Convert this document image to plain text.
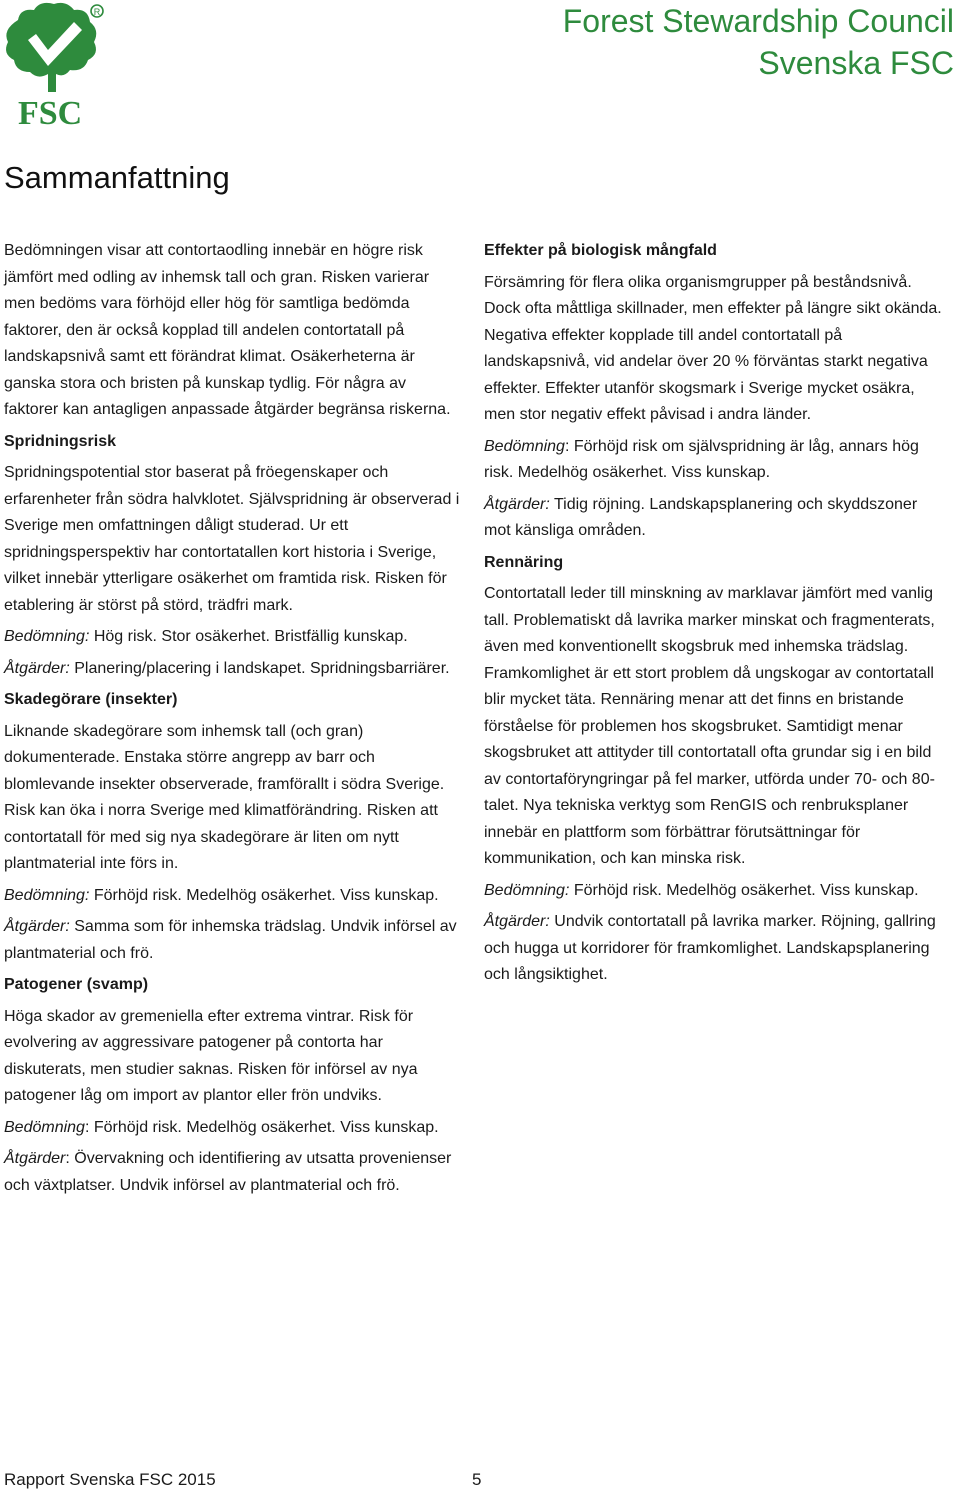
R
FSC
Forest Stewardship Council
Svenska FSC
Sammanfattning

Bedömningen visar att contortaodling innebär en högre risk jämfört med odling av inhemsk tall och gran. Risken varierar men bedöms vara förhöjd eller hög för samtliga bedömda faktorer, den är också kopplad till andelen contortatall på landskapsnivå samt ett förändrat klimat. Osäkerheterna är ganska stora och bristen på kunskap tydlig. För några av faktorer kan antagligen anpassade åtgärder begränsa riskerna.

Spridningsrisk

Spridningspotential stor baserat på fröegenskaper och erfarenheter från södra halvklotet. Självspridning är observerad i Sverige men omfattningen dåligt studerad. Ur ett spridningsperspektiv har contortatallen kort historia i Sverige, vilket innebär ytterligare osäkerhet om framtida risk. Risken för etablering är störst på störd, trädfri mark.

Bedömning: Hög risk. Stor osäkerhet. Bristfällig kunskap.

Åtgärder: Planering/placering i landskapet. Spridningsbarriärer.

Skadegörare (insekter)

Liknande skadegörare som inhemsk tall (och gran) dokumenterade. Enstaka större angrepp av barr och blomlevande insekter observerade, framförallt i södra Sverige. Risk kan öka i norra Sverige med klimatförändring. Risken att contortatall för med sig nya skadegörare är liten om nytt plantmaterial inte förs in.

Bedömning: Förhöjd risk. Medelhög osäkerhet. Viss kunskap.

Åtgärder: Samma som för inhemska trädslag. Undvik införsel av plantmaterial och frö.

Patogener (svamp)

Höga skador av gremeniella efter extrema vintrar. Risk för evolvering av aggressivare patogener på contorta har diskuterats, men studier saknas. Risken för införsel av nya patogener låg om import av plantor eller frön undviks.

Bedömning: Förhöjd risk. Medelhög osäkerhet. Viss kunskap.

Åtgärder: Övervakning och identifiering av utsatta provenienser och växtplatser. Undvik införsel av plantmaterial och frö.

Effekter på biologisk mångfald

Försämring för flera olika organismgrupper på beståndsnivå. Dock ofta måttliga skillnader, men effekter på längre sikt okända. Negativa effekter kopplade till andel contortatall på landskapsnivå, vid andelar över 20 % förväntas starkt negativa effekter. Effekter utanför skogsmark i Sverige mycket osäkra, men stor negativ effekt påvisad i andra länder.

Bedömning: Förhöjd risk om självspridning är låg, annars hög risk. Medelhög osäkerhet. Viss kunskap.

Åtgärder: Tidig röjning. Landskapsplanering och skyddszoner mot känsliga områden.

Rennäring

Contortatall leder till minskning av marklavar jämfört med vanlig tall. Problematiskt då lavrika marker minskat och fragmenterats, även med konventionellt skogsbruk med inhemska trädslag. Framkomlighet är ett stort problem då ungskogar av contortatall blir mycket täta. Rennäring menar att det finns en bristande förståelse för problemen hos skogsbruket. Samtidigt menar skogsbruket att attityder till contortatall ofta grundar sig i en bild av contortaföryngringar på fel marker, utförda under 70- och 80-talet. Nya tekniska verktyg som RenGIS och renbruksplaner innebär en plattform som förbättrar förutsättningar för kommunikation, och kan minska risk.

Bedömning: Förhöjd risk. Medelhög osäkerhet. Viss kunskap.

Åtgärder: Undvik contortatall på lavrika marker. Röjning, gallring och hugga ut korridorer för framkomlighet. Landskapsplanering och långsiktighet.

Rapport Svenska FSC 2015	5
